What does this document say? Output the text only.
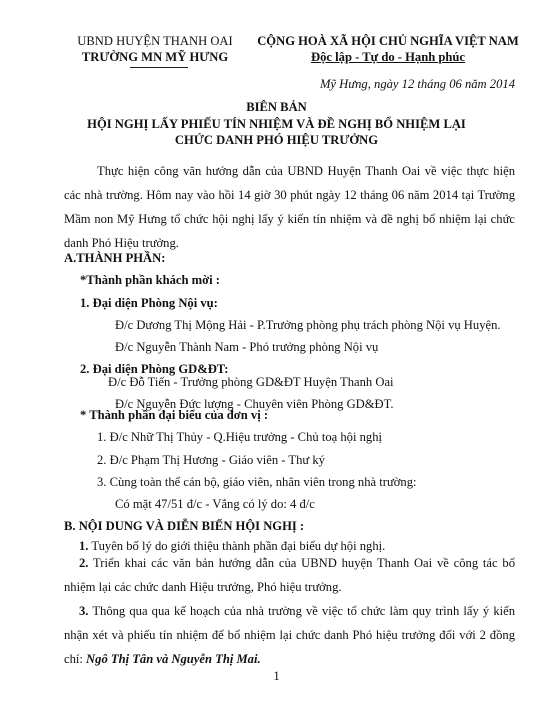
UBND HUYỆN THANH OAI
TRƯỜNG MN MỸ HƯNG
CỘNG HOÀ XÃ HỘI CHỦ NGHĨA VIỆT NAM
Độc lập - Tự do - Hạnh phúc
Mỹ Hưng, ngày 12 tháng 06 năm 2014
BIÊN BẢN
HỘI NGHỊ LẤY PHIẾU TÍN NHIỆM VÀ ĐỀ NGHỊ BỔ NHIỆM LẠI
CHỨC DANH PHÓ HIỆU TRƯỞNG
Thực hiện công văn hướng dẫn của UBND Huyện Thanh Oai về việc thực hiện các nhà trường. Hôm nay vào hồi 14 giờ 30 phút ngày 12 tháng 06 năm 2014 tại Trường Mầm non Mỹ Hưng tổ chức hội nghị lấy ý kiến tín nhiệm và đề nghị bổ nhiệm lại chức danh Phó Hiệu trưởng.
A.THÀNH PHẦN:
*Thành phần khách mời :
1. Đại diện Phòng Nội vụ:
Đ/c Dương Thị Mộng Hải - P.Trưởng phòng phụ trách phòng Nội vụ Huyện.
Đ/c Nguyễn Thành Nam - Phó trưởng phòng Nội vụ
2. Đại diện Phòng GD&ĐT:
Đ/c Đỗ Tiến - Trưởng phòng GD&ĐT Huyện Thanh Oai
Đ/c Nguyễn Đức lượng - Chuyên viên Phòng GD&ĐT.
* Thành phần đại biểu của đơn vị :
1. Đ/c Nhữ Thị Thủy - Q.Hiệu trưởng - Chủ toạ hội nghị
2. Đ/c Phạm Thị Hương - Giáo viên - Thư ký
3. Cùng toàn thể cán bộ, giáo viên, nhân viên trong nhà trường:
Có mặt 47/51 đ/c - Vắng có lý do: 4 đ/c
B. NỘI DUNG VÀ DIỄN BIẾN HỘI NGHỊ :
1. Tuyên bố lý do giới thiệu thành phần đại biểu dự hội nghị.
2. Triển khai các văn bản hướng dẫn của UBND huyện Thanh Oai về công tác bổ nhiệm lại các chức danh Hiệu trưởng, Phó hiệu trưởng.
3. Thông qua qua kế hoạch của nhà trường về việc tổ chức làm quy trình lấy ý kiến nhận xét và phiếu tín nhiệm để bổ nhiệm lại chức danh Phó hiệu trưởng đối với 2 đồng chí: Ngô Thị Tân và Nguyễn Thị Mai.
1
